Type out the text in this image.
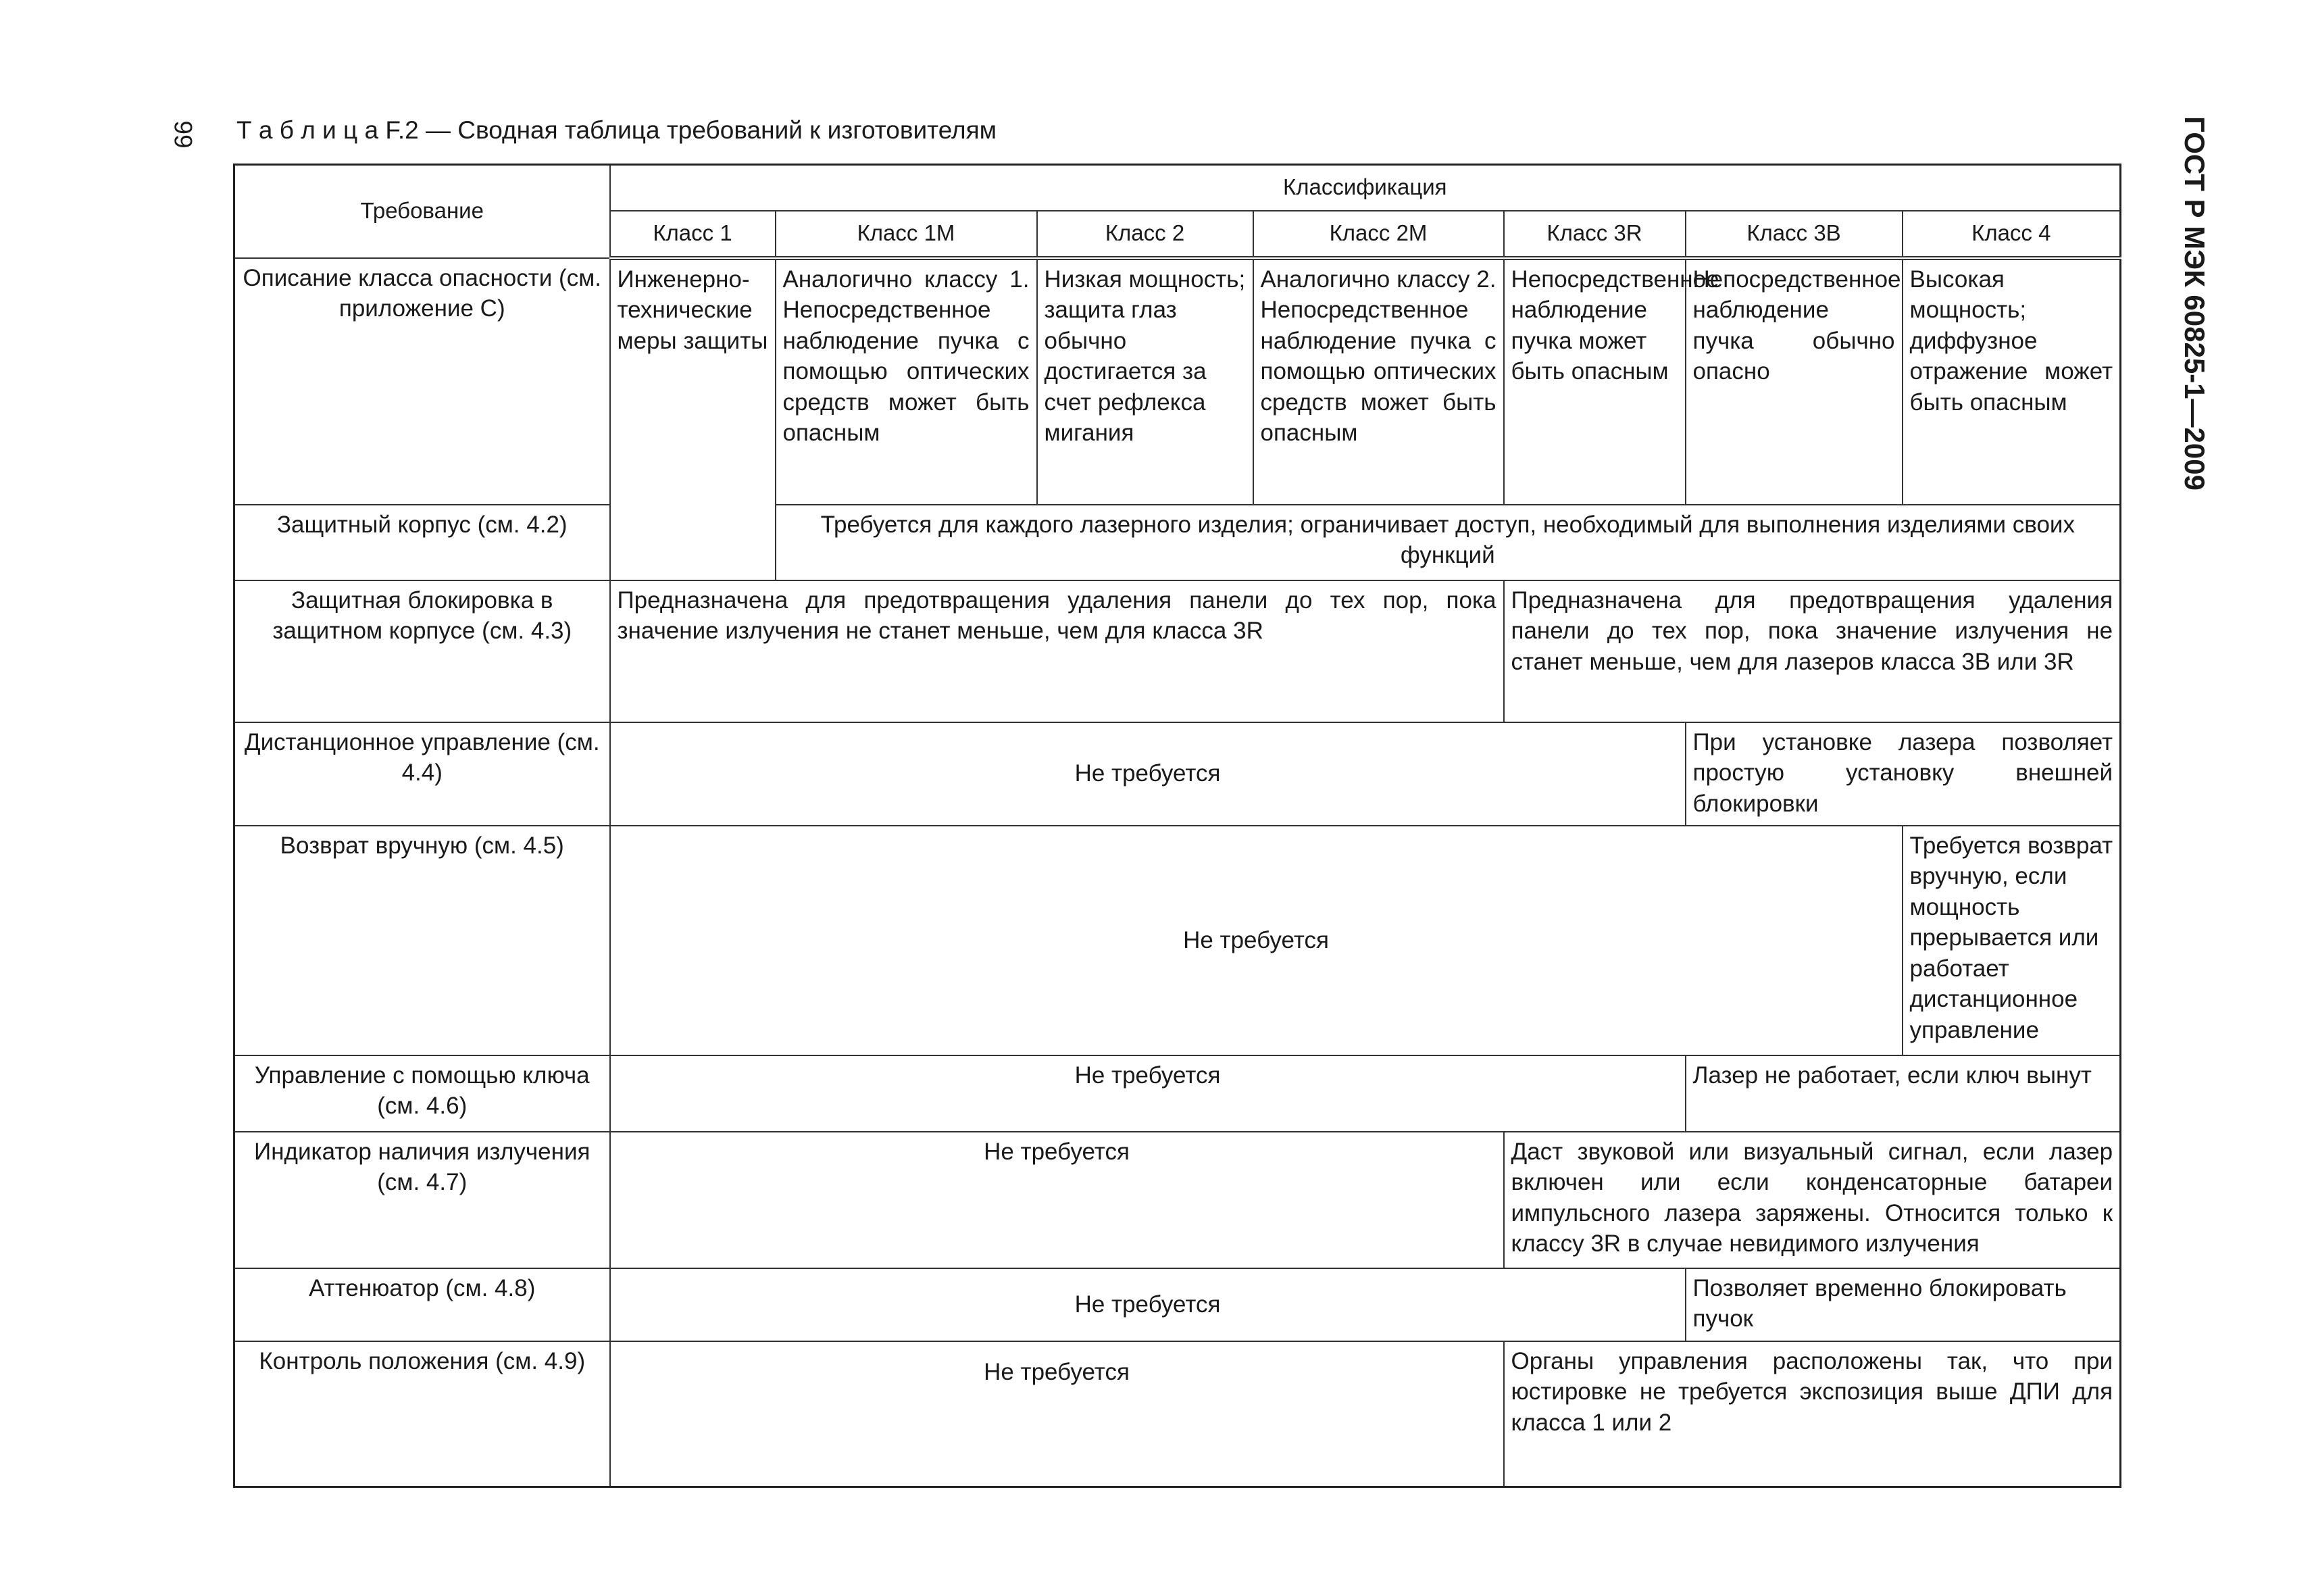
99 Т а б л и ц а F.2 — Сводная таблица требований к изготовителям	ГОСТ Р МЭК 60825-1—2009
Требование	Классификация						
	Класс 1	Класс 1М	Класс 2	Класс 2М	Класс 3R	Класс 3В	Класс 4
Описание класса опасности (см. приложение С)	Инженерно-технические меры защиты	Аналогично классу 1. Непосредственное наблюдение пучка с помощью оптических средств может быть опасным	Низкая мощность; защита глаз обычно достигается за счет рефлекса мигания	Аналогично классу 2. Непосредственное наблюдение пучка с помощью оптических средств может быть опасным	Непосредственное наблюдение пучка может быть опасным	Непосредственное наблюдение пучка обычно опасно	Высокая мощность; диффузное отражение может быть опасным
Защитный корпус (см. 4.2)		Требуется для каждого лазерного изделия; ограничивает доступ, необходимый для выполнения изделиями своих функций					
Защитная блокировка в защитном корпусе (см. 4.3)	Предназначена для предотвращения удаления панели до тех пор, пока значение излучения не станет меньше, чем для класса 3R				Предназначена для предотвращения удаления панели до тех пор, пока значение излучения не станет меньше, чем для лазеров класса 3В или 3R		
Дистанционное управление (см. 4.4)	Не требуется					При установке лазера позволяет простую установку внешней блокировки	
Возврат вручную (см. 4.5)	Не требуется						Требуется возврат вручную, если мощность прерывается или работает дистанционное управление
Управление с помощью ключа (см. 4.6)	Не требуется					Лазер не работает, если ключ вынут	
Индикатор наличия излучения (см. 4.7)	Не требуется				Даст звуковой или визуальный сигнал, если лазер включен или если конденсаторные батареи импульсного лазера заряжены. Относится только к классу 3R в случае невидимого излучения		
Аттенюатор (см. 4.8)	Не требуется					Позволяет временно блокировать пучок	
Контроль положения (см. 4.9)	Не требуется				Органы управления расположены так, что при юстировке не требуется экспозиция выше ДПИ для класса 1 или 2		
